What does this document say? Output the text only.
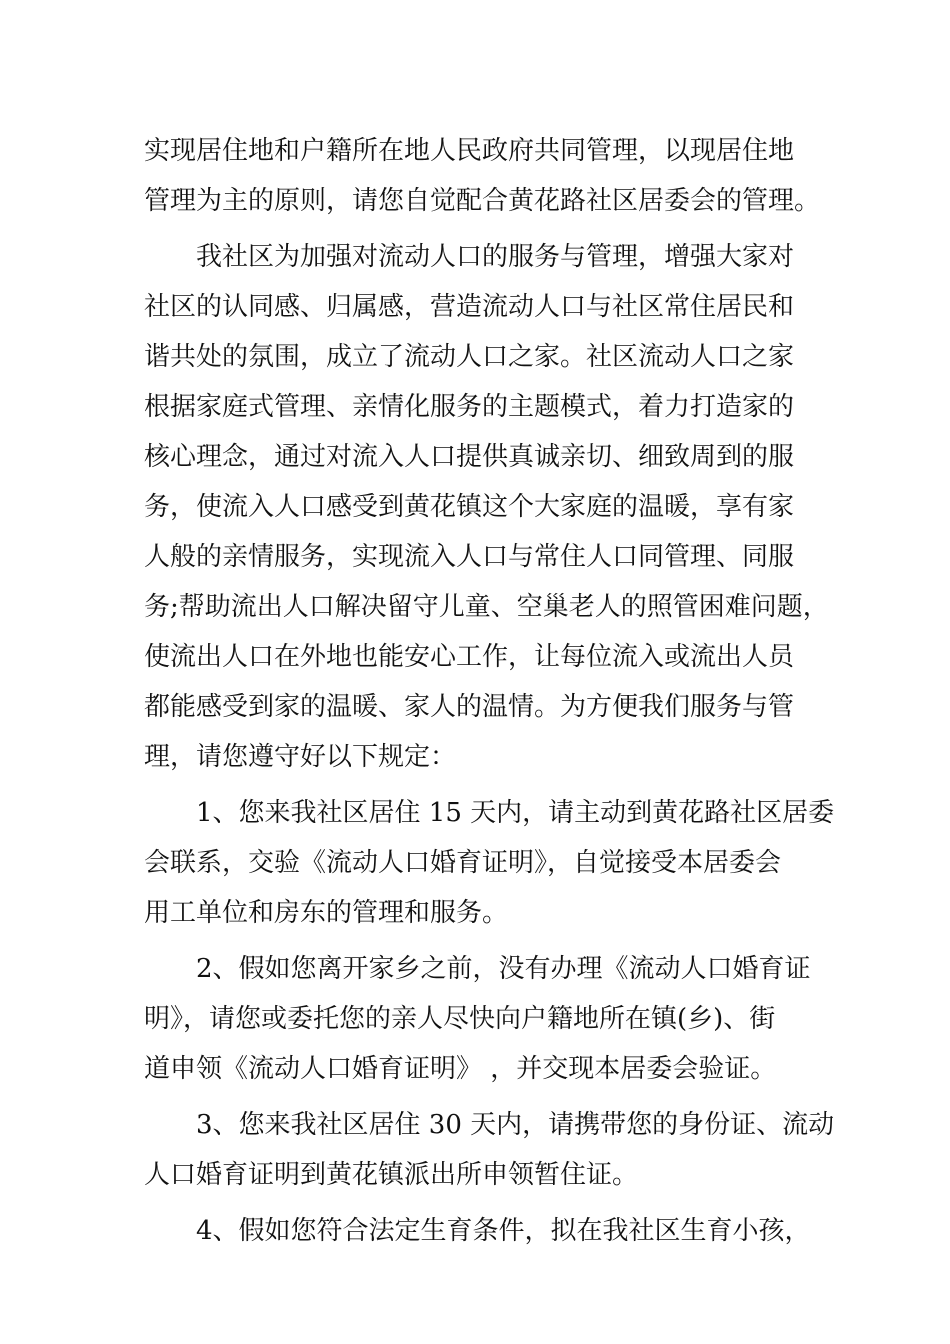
实现居住地和户籍所在地人民政府共同管理，以现居住地
管理为主的原则，请您自觉配合黄花路社区居委会的管理。
我社区为加强对流动人口的服务与管理，增强大家对
社区的认同感、归属感，营造流动人口与社区常住居民和
谐共处的氛围，成立了流动人口之家。社区流动人口之家
根据家庭式管理、亲情化服务的主题模式，着力打造家的
核心理念，通过对流入人口提供真诚亲切、细致周到的服
务，使流入人口感受到黄花镇这个大家庭的温暖，享有家
人般的亲情服务，实现流入人口与常住人口同管理、同服
务;帮助流出人口解决留守儿童、空巢老人的照管困难问题，
使流出人口在外地也能安心工作，让每位流入或流出人员
都能感受到家的温暖、家人的温情。为方便我们服务与管
理，请您遵守好以下规定：
1、您来我社区居住 15 天内，请主动到黄花路社区居委
会联系，交验《流动人口婚育证明》，自觉接受本居委会
用工单位和房东的管理和服务。
2、假如您离开家乡之前，没有办理《流动人口婚育证
明》，请您或委托您的亲人尽快向户籍地所在镇(乡)、街
道申领《流动人口婚育证明》 ，并交现本居委会验证。
3、您来我社区居住 30 天内，请携带您的身份证、流动
人口婚育证明到黄花镇派出所申领暂住证。
4、假如您符合法定生育条件，拟在我社区生育小孩，
